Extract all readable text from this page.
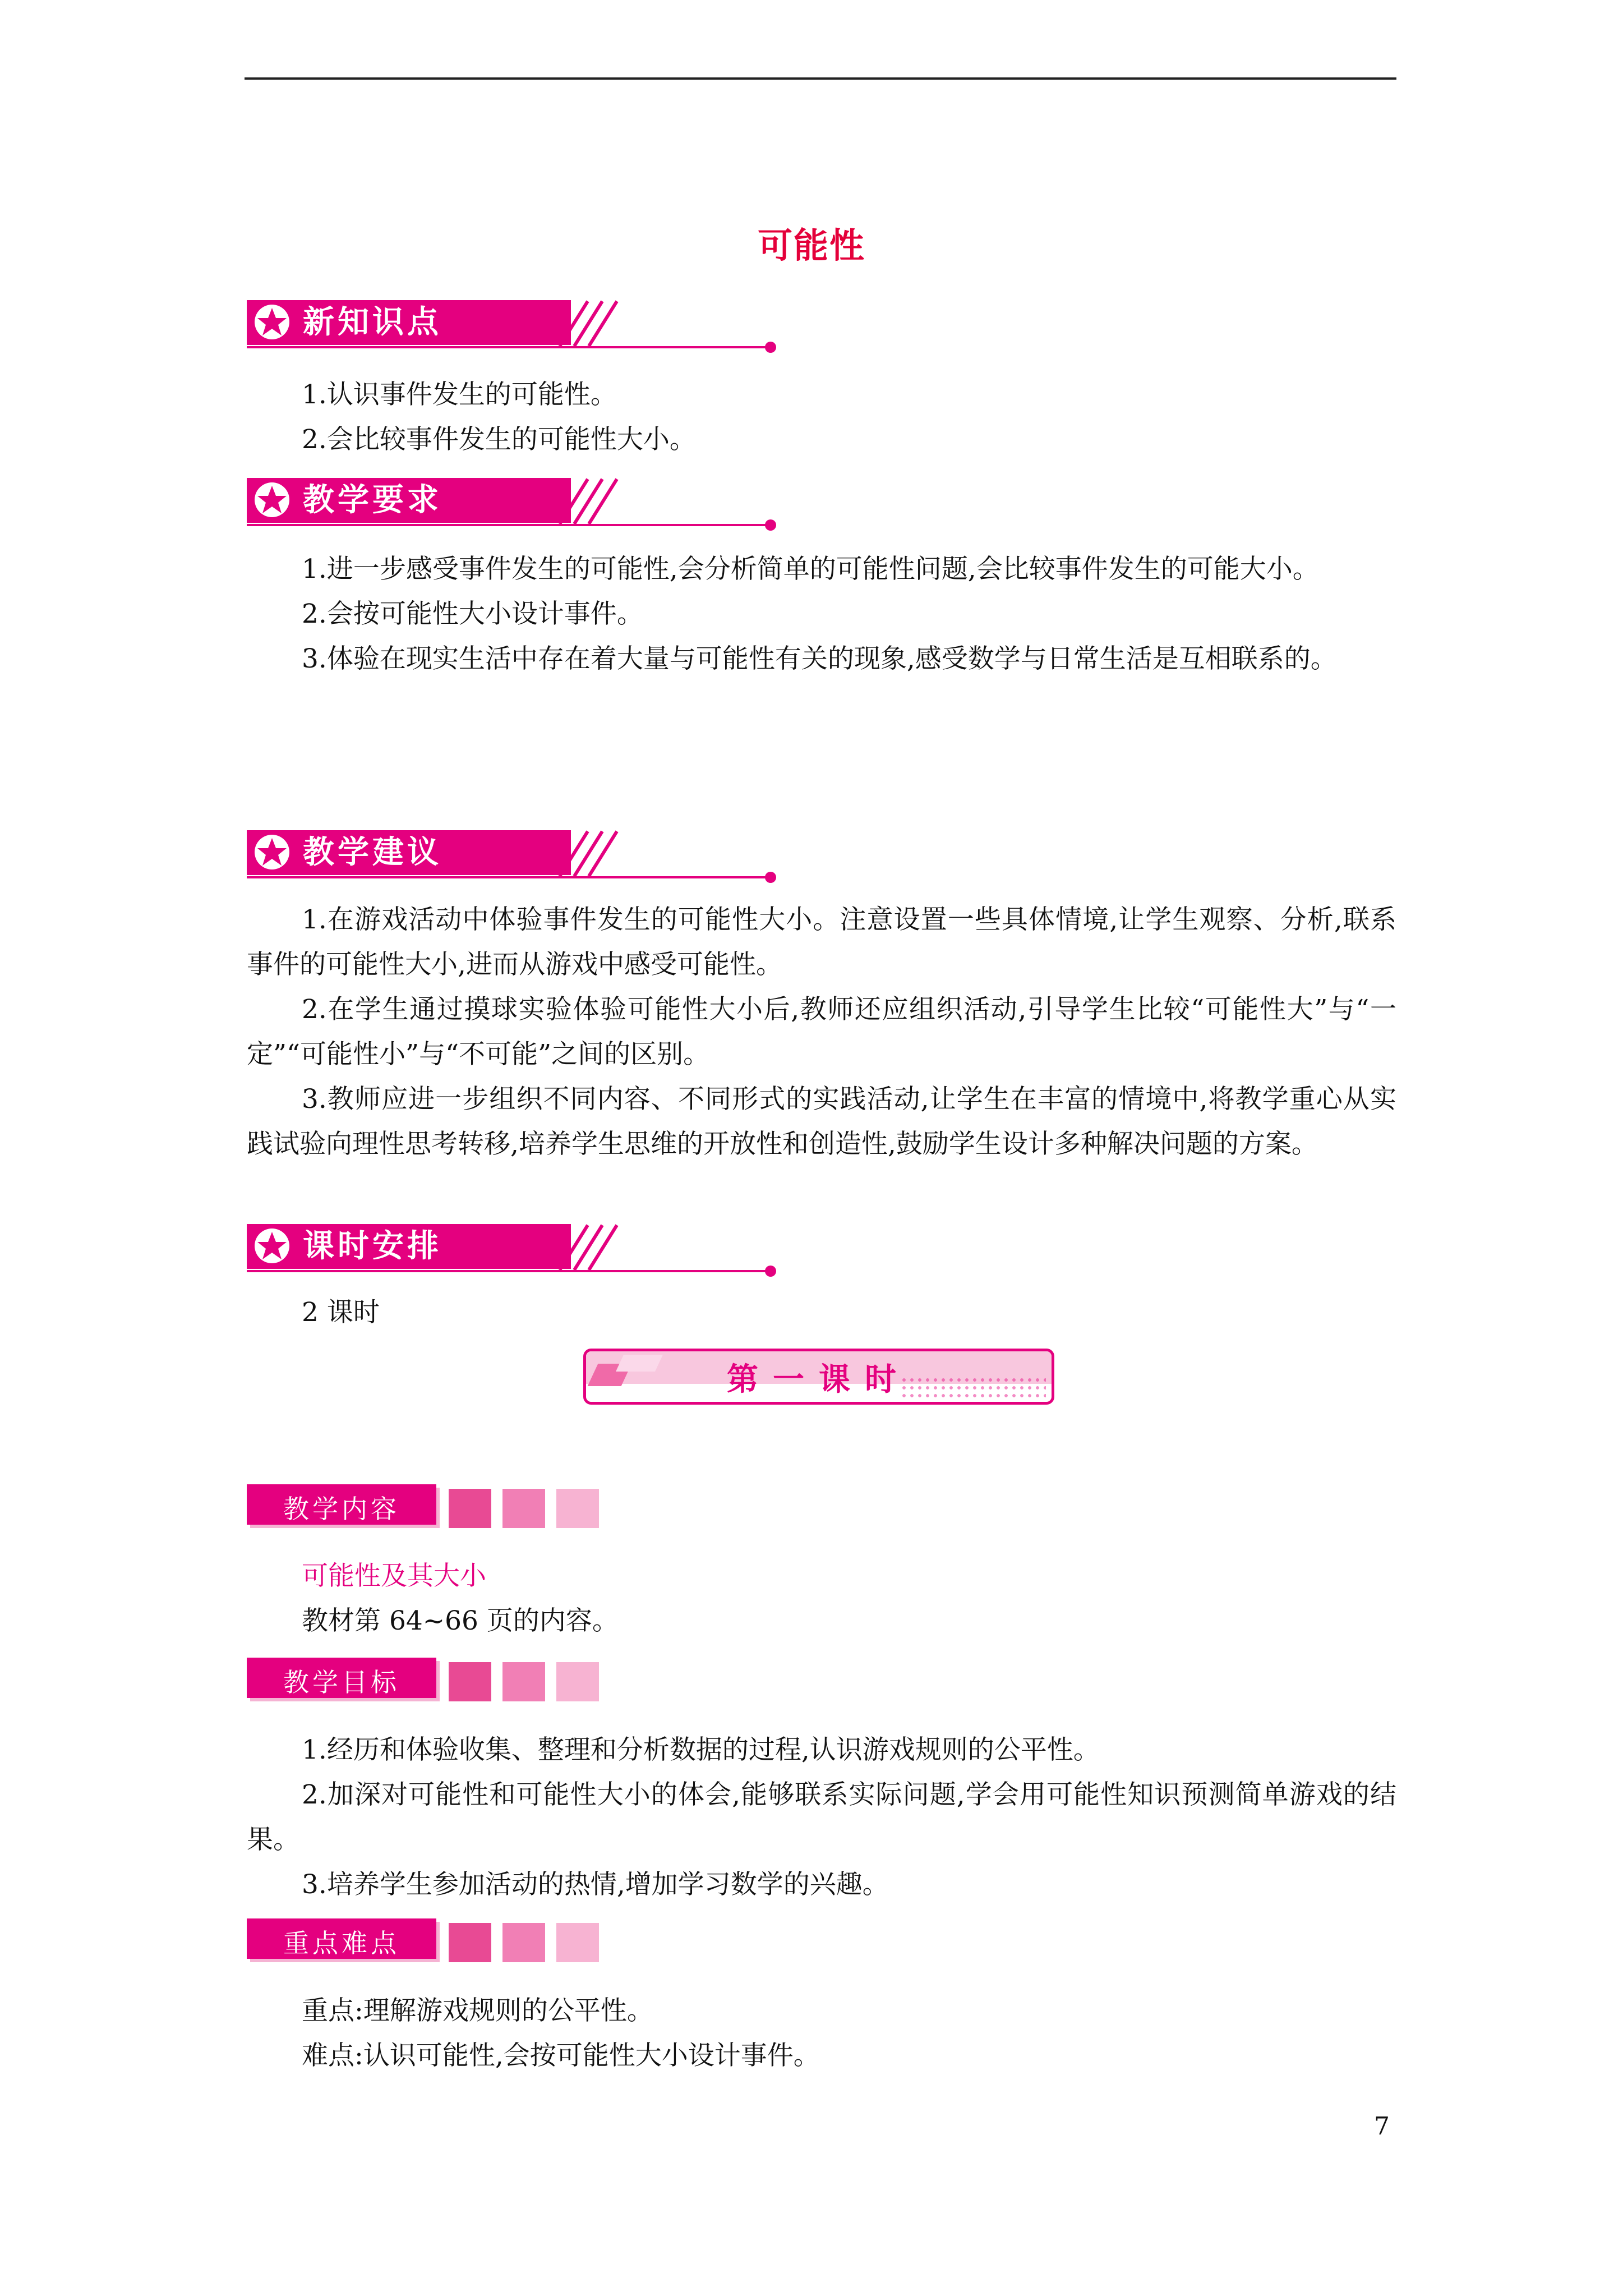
可能性
新知识点

1.认识事件发生的可能性。

2.会比较事件发生的可能性大小。

教学要求

1.进一步感受事件发生的可能性,会分析简单的可能性问题,会比较事件发生的可能大小。

2.会按可能性大小设计事件。

3.体验在现实生活中存在着大量与可能性有关的现象,感受数学与日常生活是互相联系的。

教学建议

1.在游戏活动中体验事件发生的可能性大小。注意设置一些具体情境,让学生观察、分析,联系事件的可能性大小,进而从游戏中感受可能性。

2.在学生通过摸球实验体验可能性大小后,教师还应组织活动,引导学生比较“可能性大”与“一定”“可能性小”与“不可能”之间的区别。

3.教师应进一步组织不同内容、不同形式的实践活动,让学生在丰富的情境中,将教学重心从实践试验向理性思考转移,培养学生思维的开放性和创造性,鼓励学生设计多种解决问题的方案。

课时安排

2 课时

第一课时
教学内容

可能性及其大小

教材第 64~66 页的内容。

教学目标

1.经历和体验收集、整理和分析数据的过程,认识游戏规则的公平性。

2.加深对可能性和可能性大小的体会,能够联系实际问题,学会用可能性知识预测简单游戏的结果。

3.培养学生参加活动的热情,增加学习数学的兴趣。

重点难点

重点:理解游戏规则的公平性。

难点:认识可能性,会按可能性大小设计事件。

7
